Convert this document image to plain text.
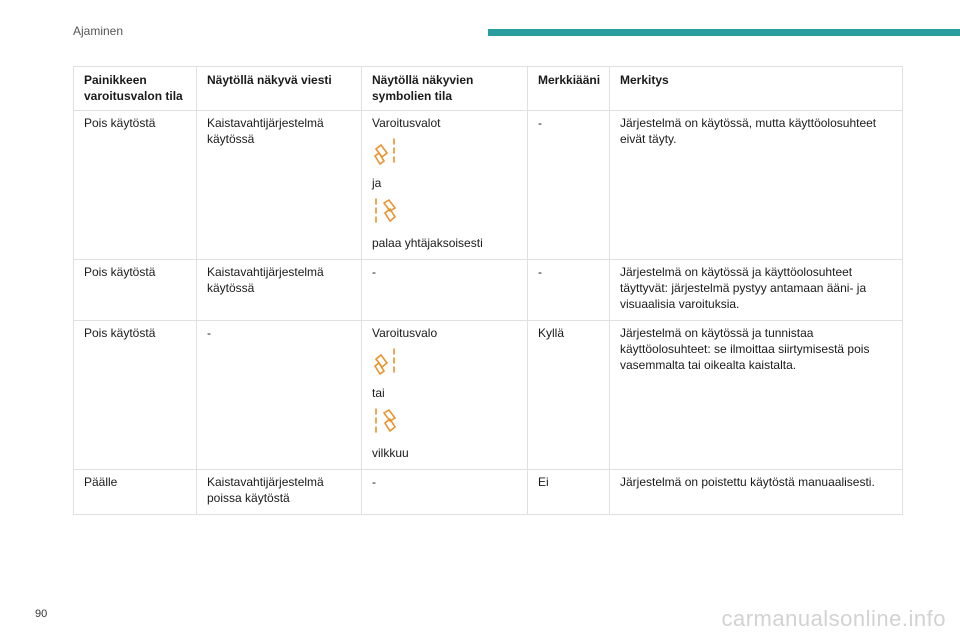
Ajaminen
Painikkeen varoitusvalon tila	Näytöllä näkyvä viesti	Näytöllä näkyvien symbolien tila	Merkkiääni	Merkitys
Pois käytöstä	Kaistavahtijärjestelmä käytössä	Varoitusvalot
ja
palaa yhtäjaksoisesti	-	Järjestelmä on käytössä, mutta käyttöolosuhteet eivät täyty.
Pois käytöstä	Kaistavahtijärjestelmä käytössä	-	-	Järjestelmä on käytössä ja käyttöolosuhteet täyttyvät: järjestelmä pystyy antamaan ääni- ja visuaalisia varoituksia.
Pois käytöstä	-	Varoitusvalo
tai
vilkkuu	Kyllä	Järjestelmä on käytössä ja tunnistaa käyttöolosuhteet: se ilmoittaa siirtymisestä pois vasemmalta tai oikealta kaistalta.
Päälle	Kaistavahtijärjestelmä poissa käytöstä	-	Ei	Järjestelmä on poistettu käytöstä manuaalisesti.
90	carmanualsonline.info
